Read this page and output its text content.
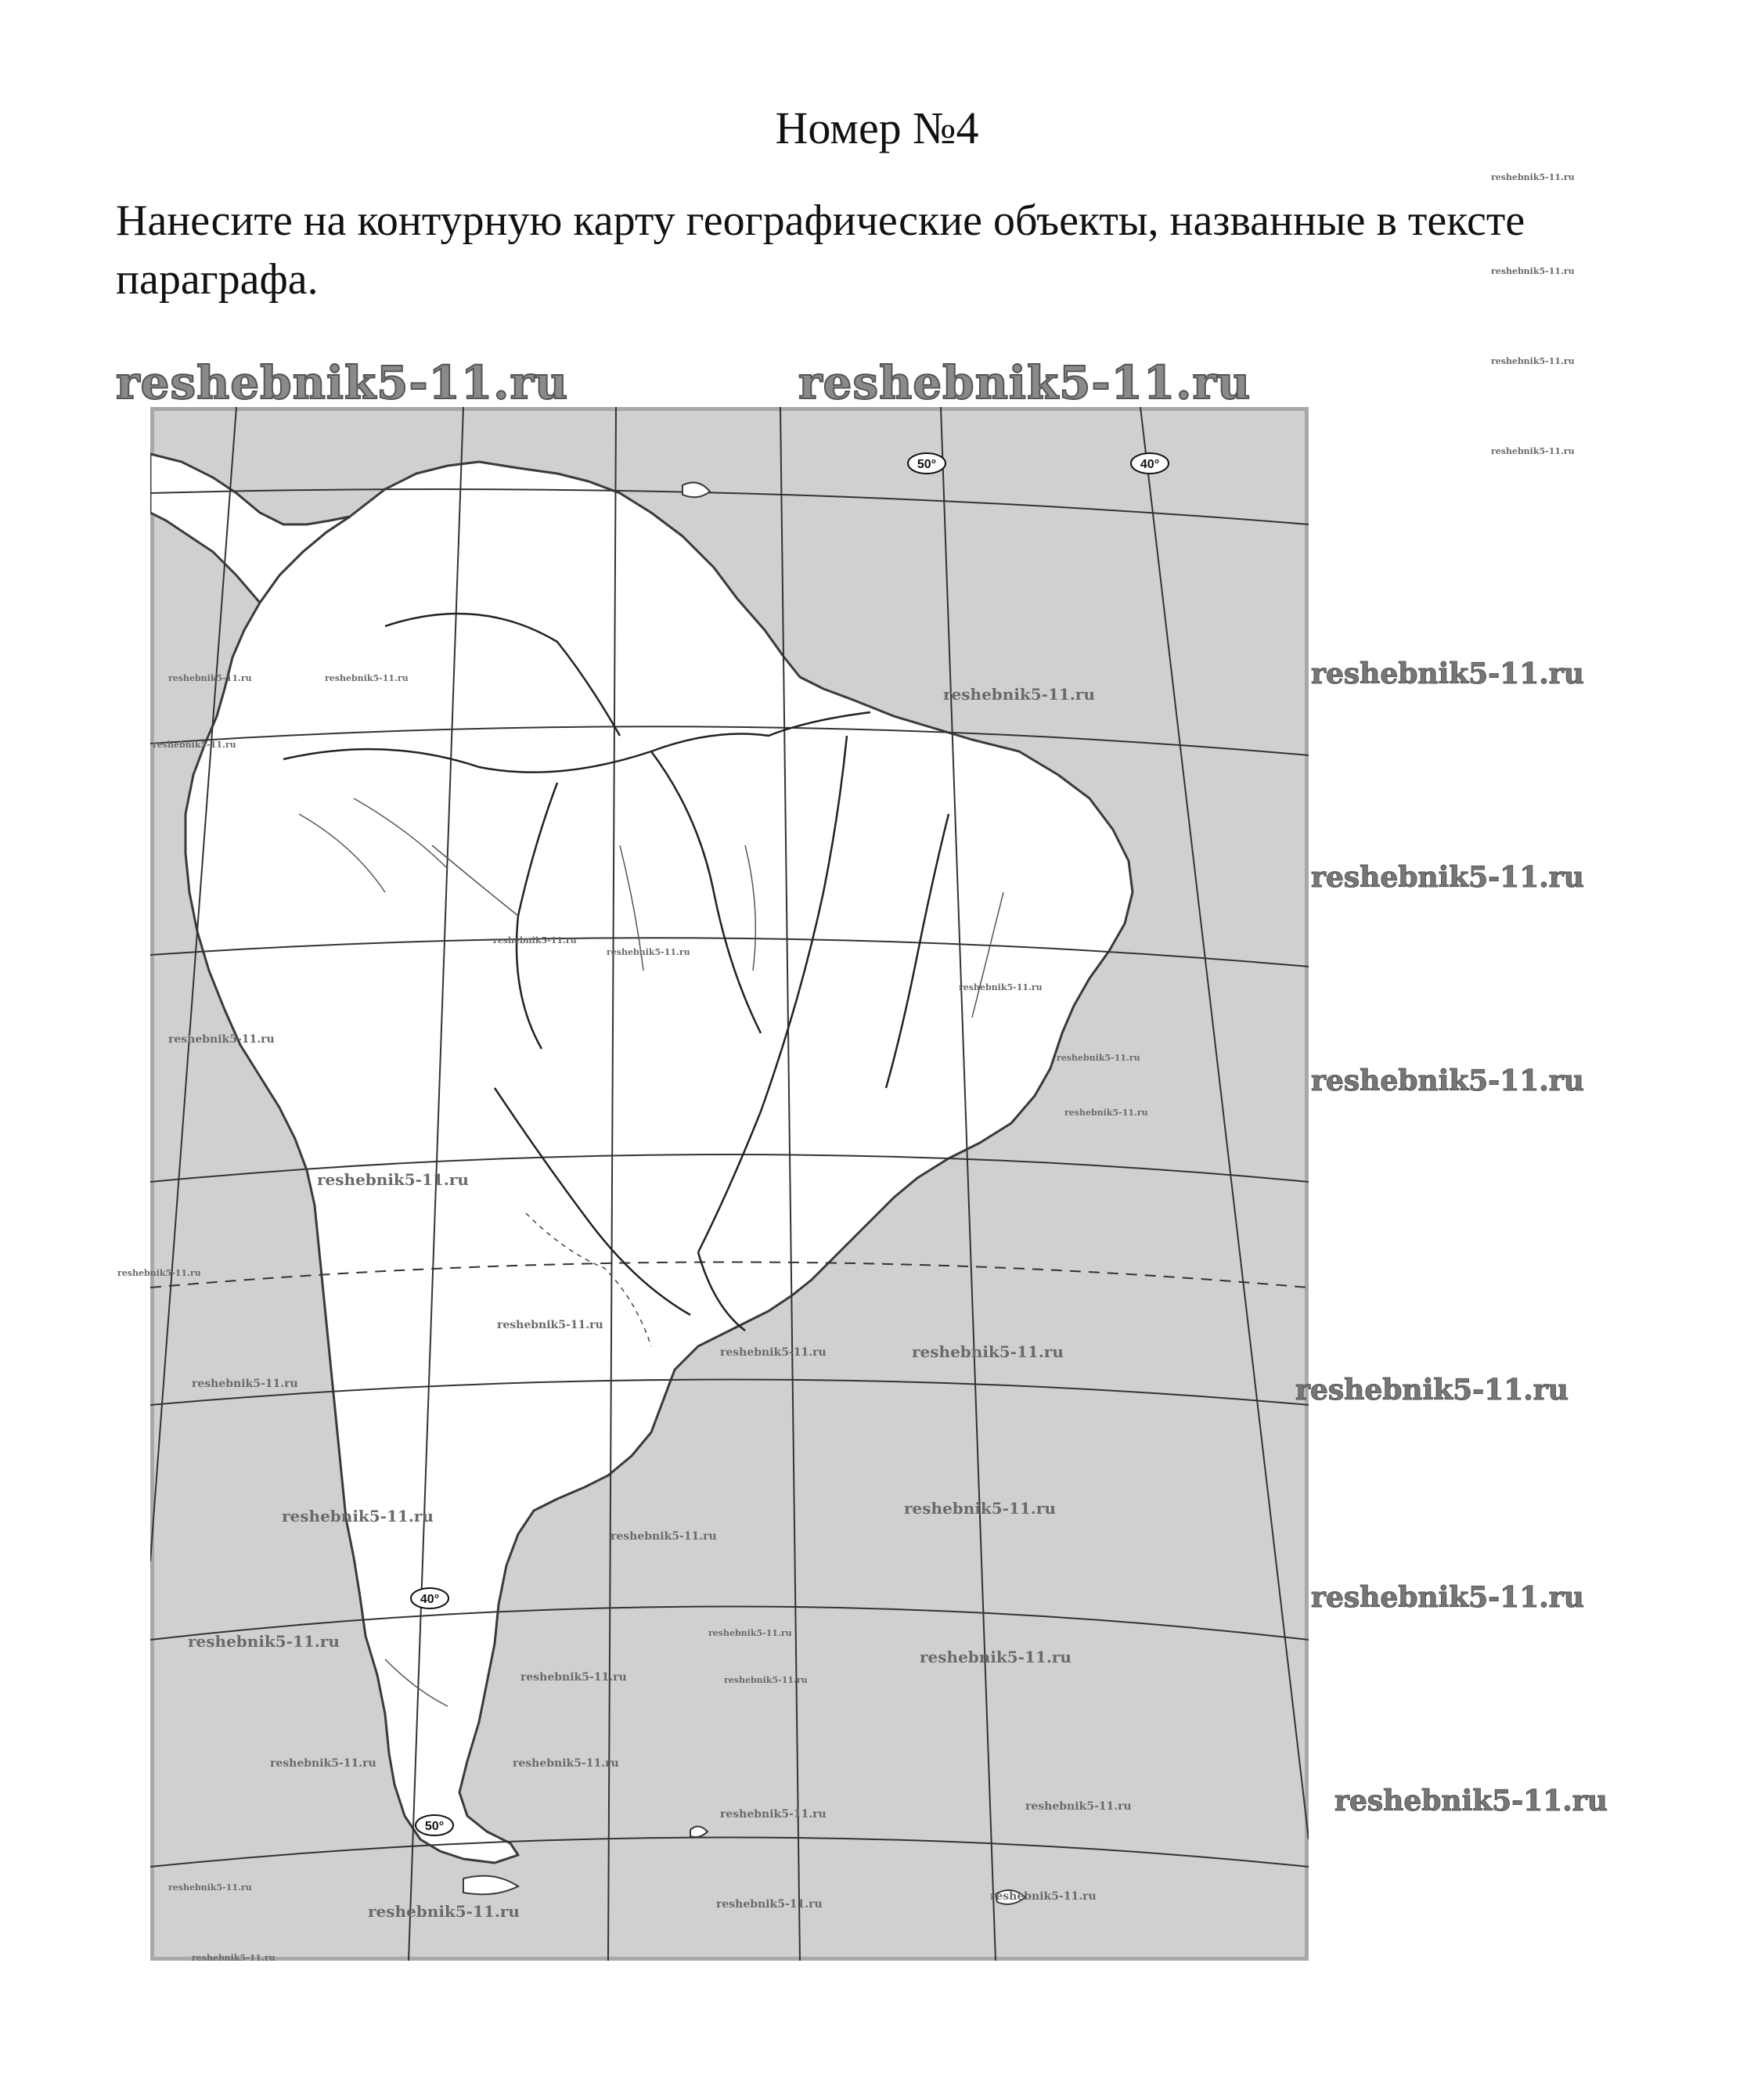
Номер №4
Нанесите на контурную карту географические объекты, названные в тексте параграфа.
50°	40°
40°
50°
reshebnik5-11.ru	reshebnik5-11.ru
reshebnik5-11.ru
reshebnik5-11.ru
reshebnik5-11.ru
reshebnik5-11.ru
reshebnik5-11.ru
reshebnik5-11.ru
reshebnik5-11.ru
reshebnik5-11.ru
reshebnik5-11.ru
reshebnik5-11.ru
reshebnik5-11.ru
reshebnik5-11.ru
reshebnik5-11.ru
reshebnik5-11.ru	reshebnik5-11.ru
reshebnik5-11.ru
reshebnik5-11.ru
reshebnik5-11.ru
reshebnik5-11.ru
reshebnik5-11.ru
reshebnik5-11.ru
reshebnik5-11.ru
reshebnik5-11.ru
reshebnik5-11.ru
reshebnik5-11.ru	reshebnik5-11.ru
reshebnik5-11.ru
reshebnik5-11.ru
reshebnik5-11.ru
reshebnik5-11.ru
reshebnik5-11.ru	reshebnik5-11.ru
reshebnik5-11.ru
reshebnik5-11.ru
reshebnik5-11.ru
reshebnik5-11.ru
reshebnik5-11.ru
reshebnik5-11.ru
reshebnik5-11.ru
reshebnik5-11.ru
reshebnik5-11.ru
reshebnik5-11.ru
reshebnik5-11.ru
